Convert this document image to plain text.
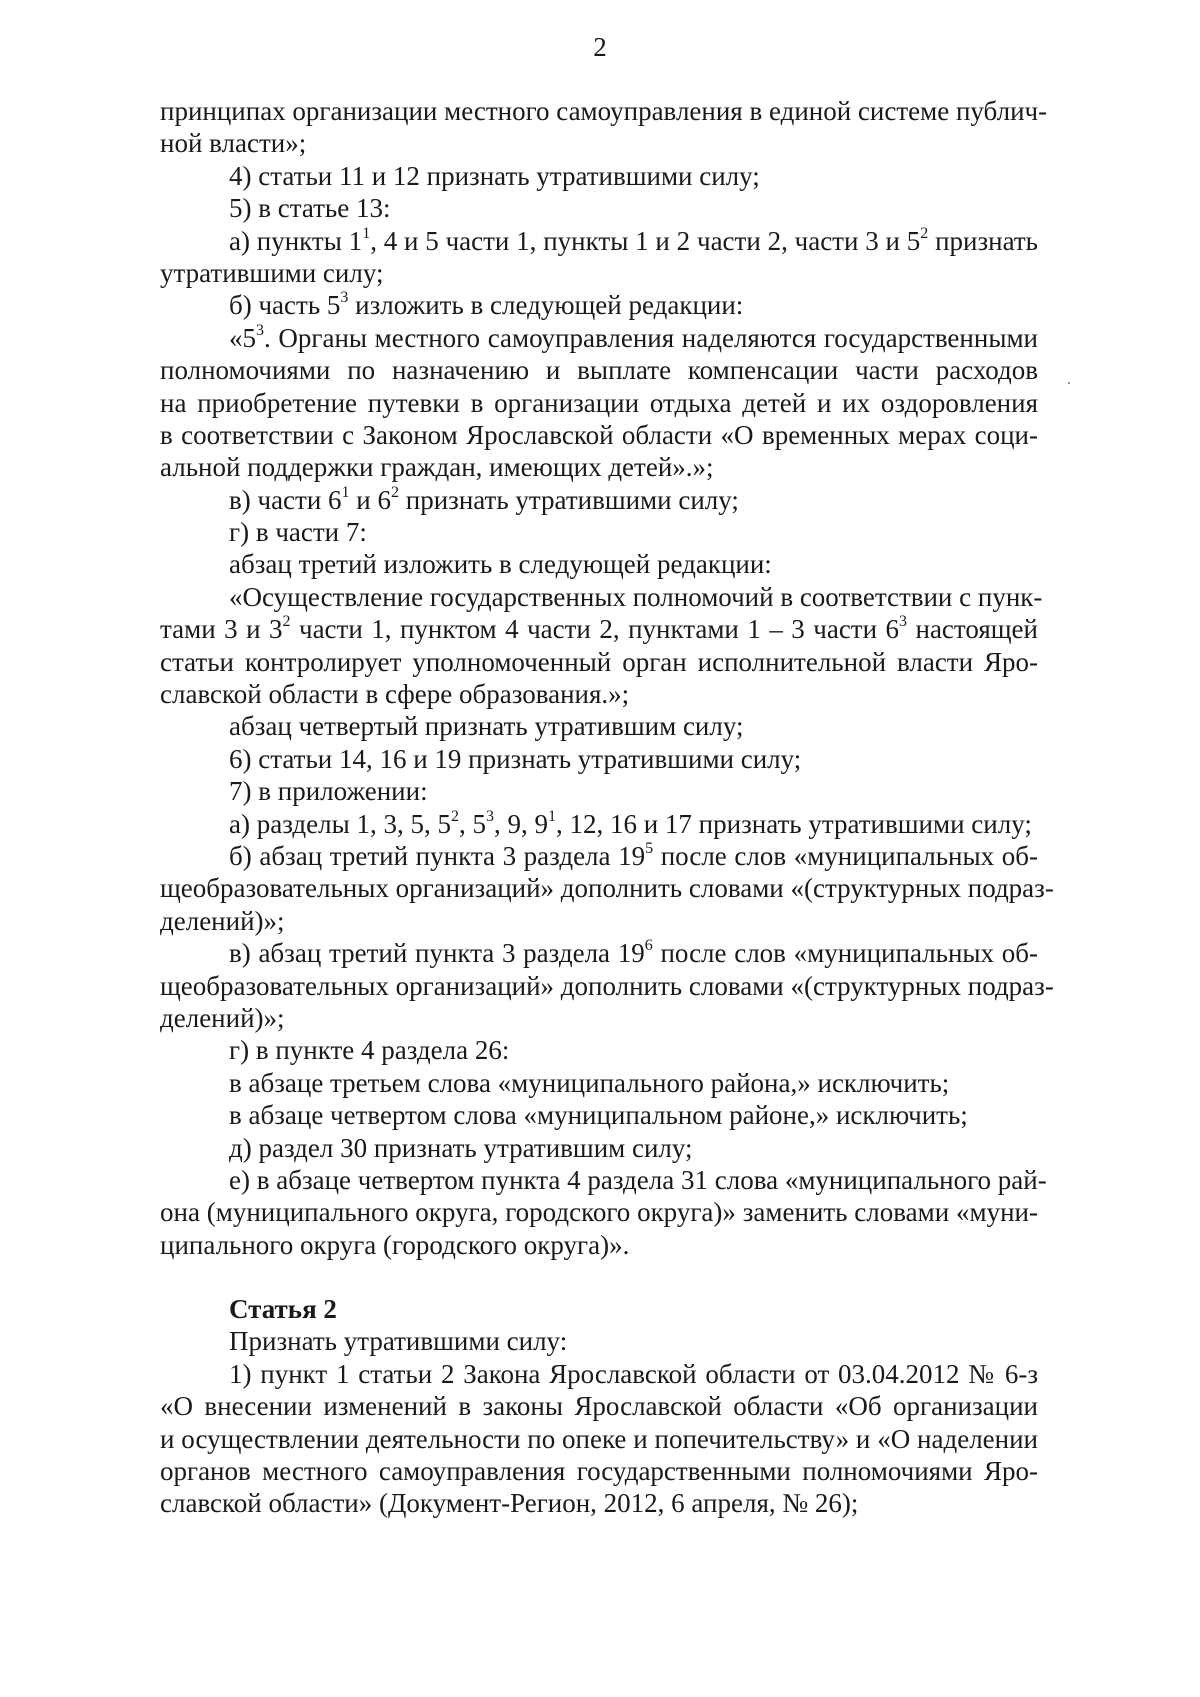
2
принципах организации местного самоуправления в единой системе публич-
ной власти»;
4) статьи 11 и 12 признать утратившими силу;
5) в статье 13:
а) пункты $1^1$, 4 и 5 части 1, пункты 1 и 2 части 2, части 3 и $5^2$ признать
утратившими силу;
б) часть $5^3$ изложить в следующей редакции:
«$5^3$. Органы местного самоуправления наделяются государственными
полномочиями по назначению и выплате компенсации части расходов
на приобретение путевки в организации отдыха детей и их оздоровления
в соответствии с Законом Ярославской области «О временных мерах соци-
альной поддержки граждан, имеющих детей».»;
в) части $6^1$ и $6^2$ признать утратившими силу;
г) в части 7:
абзац третий изложить в следующей редакции:
«Осуществление государственных полномочий в соответствии с пунк-
тами 3 и $3^2$ части 1, пунктом 4 части 2, пунктами 1 – 3 части $6^3$ настоящей
статьи контролирует уполномоченный орган исполнительной власти Яро-
славской области в сфере образования.»;
абзац четвертый признать утратившим силу;
6) статьи 14, 16 и 19 признать утратившими силу;
7) в приложении:
а) разделы 1, 3, 5, $5^2$, $5^3$, 9, $9^1$, 12, 16 и 17 признать утратившими силу;
б) абзац третий пункта 3 раздела $19^5$ после слов «муниципальных об-
щеобразовательных организаций» дополнить словами «(структурных подраз-
делений)»;
в) абзац третий пункта 3 раздела $19^6$ после слов «муниципальных об-
щеобразовательных организаций» дополнить словами «(структурных подраз-
делений)»;
г) в пункте 4 раздела 26:
в абзаце третьем слова «муниципального района,» исключить;
в абзаце четвертом слова «муниципальном районе,» исключить;
д) раздел 30 признать утратившим силу;
е) в абзаце четвертом пункта 4 раздела 31 слова «муниципального рай-
она (муниципального округа, городского округа)» заменить словами «муни-
ципального округа (городского округа)».
Статья 2
Признать утратившими силу:
1) пункт 1 статьи 2 Закона Ярославской области от 03.04.2012 № 6-з
«О внесении изменений в законы Ярославской области «Об организации
и осуществлении деятельности по опеке и попечительству» и «О наделении
органов местного самоуправления государственными полномочиями Яро-
славской области» (Документ-Регион, 2012, 6 апреля, № 26);
